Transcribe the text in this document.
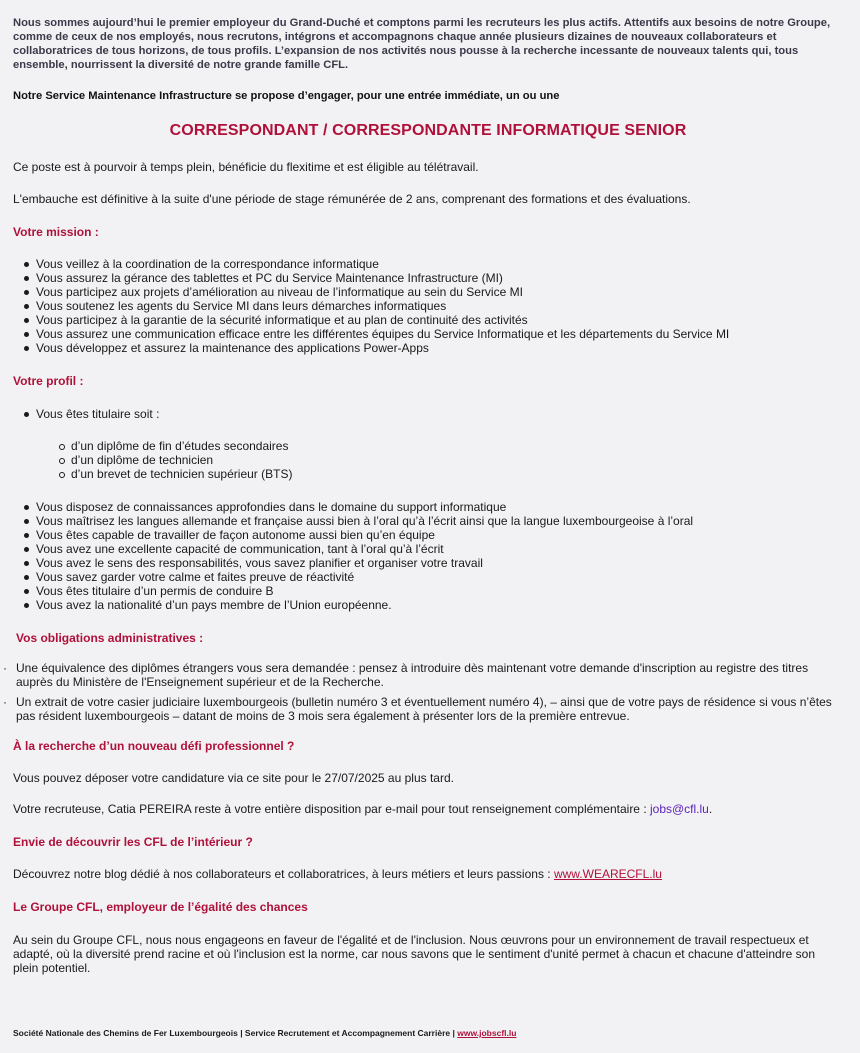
Nous sommes aujourd’hui le premier employeur du Grand-Duché et comptons parmi les recruteurs les plus actifs. Attentifs aux besoins de notre Groupe, comme de ceux de nos employés, nous recrutons, intégrons et accompagnons chaque année plusieurs dizaines de nouveaux collaborateurs et collaboratrices de tous horizons, de tous profils. L’expansion de nos activités nous pousse à la recherche incessante de nouveaux talents qui, tous ensemble, nourrissent la diversité de notre grande famille CFL.
Notre Service Maintenance Infrastructure se propose d’engager, pour une entrée immédiate, un ou une
CORRESPONDANT / CORRESPONDANTE INFORMATIQUE SENIOR
Ce poste est à pourvoir à temps plein, bénéficie du flexitime et est éligible au télétravail.
L'embauche est définitive à la suite d'une période de stage rémunérée de 2 ans, comprenant des formations et des évaluations.
Votre mission :
Vous veillez à la coordination de la correspondance informatique
Vous assurez la gérance des tablettes et PC du Service Maintenance Infrastructure (MI)
Vous participez aux projets d’amélioration au niveau de l’informatique au sein du Service MI
Vous soutenez les agents du Service MI dans leurs démarches informatiques
Vous participez à la garantie de la sécurité informatique et au plan de continuité des activités
Vous assurez une communication efficace entre les différentes équipes du Service Informatique et les départements du Service MI
Vous développez et assurez la maintenance des applications Power-Apps
Votre profil :
Vous êtes titulaire soit :
d’un diplôme de fin d’études secondaires
d’un diplôme de technicien
d’un brevet de technicien supérieur (BTS)
Vous disposez de connaissances approfondies dans le domaine du support informatique
Vous maîtrisez les langues allemande et française aussi bien à l’oral qu’à l’écrit ainsi que la langue luxembourgeoise à l’oral
Vous êtes capable de travailler de façon autonome aussi bien qu’en équipe
Vous avez une excellente capacité de communication, tant à l’oral qu’à l’écrit
Vous avez le sens des responsabilités, vous savez planifier et organiser votre travail
Vous savez garder votre calme et faites preuve de réactivité
Vous êtes titulaire d’un permis de conduire B
Vous avez la nationalité d’un pays membre de l’Union européenne.
Vos obligations administratives :
· Une équivalence des diplômes étrangers vous sera demandée : pensez à introduire dès maintenant votre demande d'inscription au registre des titres auprès du Ministère de l'Enseignement supérieur et de la Recherche.
· Un extrait de votre casier judiciaire luxembourgeois (bulletin numéro 3 et éventuellement numéro 4), – ainsi que de votre pays de résidence si vous n’êtes pas résident luxembourgeois – datant de moins de 3 mois sera également à présenter lors de la première entrevue.
À la recherche d’un nouveau défi professionnel ?
Vous pouvez déposer votre candidature via ce site pour le 27/07/2025 au plus tard.
Votre recruteuse, Catia PEREIRA reste à votre entière disposition par e-mail pour tout renseignement complémentaire : jobs@cfl.lu.
Envie de découvrir les CFL de l’intérieur ?
Découvrez notre blog dédié à nos collaborateurs et collaboratrices, à leurs métiers et leurs passions : www.WEARECFL.lu
Le Groupe CFL, employeur de l’égalité des chances
Au sein du Groupe CFL, nous nous engageons en faveur de l'égalité et de l'inclusion. Nous œuvrons pour un environnement de travail respectueux et adapté, où la diversité prend racine et où l'inclusion est la norme, car nous savons que le sentiment d'unité permet à chacun et chacune d'atteindre son plein potentiel.
Société Nationale des Chemins de Fer Luxembourgeois | Service Recrutement et Accompagnement Carrière | www.jobscfl.lu
